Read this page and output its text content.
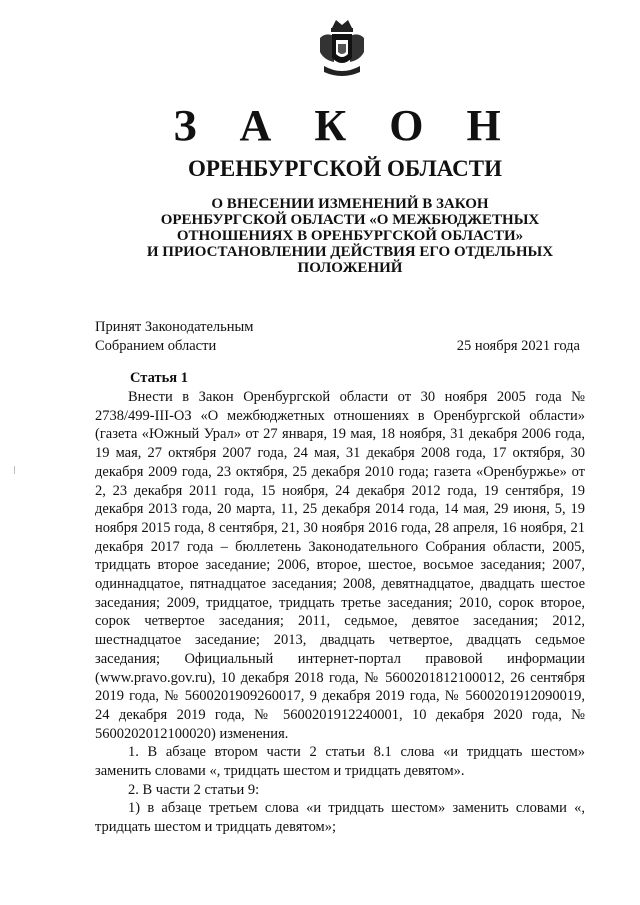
З А К О Н
ОРЕНБУРГСКОЙ ОБЛАСТИ
О ВНЕСЕНИИ ИЗМЕНЕНИЙ В ЗАКОН
ОРЕНБУРГСКОЙ ОБЛАСТИ «О МЕЖБЮДЖЕТНЫХ
ОТНОШЕНИЯХ В ОРЕНБУРГСКОЙ ОБЛАСТИ»
И ПРИОСТАНОВЛЕНИИ ДЕЙСТВИЯ ЕГО ОТДЕЛЬНЫХ
ПОЛОЖЕНИЙ
Принят Законодательным
Собранием области	25 ноября 2021 года
Статья 1

Внести в Закон Оренбургской области от 30 ноября 2005 года № 2738/499-III-ОЗ «О межбюджетных отношениях в Оренбургской области» (газета «Южный Урал» от 27 января, 19 мая, 18 ноября, 31 декабря 2006 года, 19 мая, 27 октября 2007 года, 24 мая, 31 декабря 2008 года, 17 октября, 30 декабря 2009 года, 23 октября, 25 декабря 2010 года; газета «Оренбуржье» от 2, 23 декабря 2011 года, 15 ноября, 24 декабря 2012 года, 19 сентября, 19 декабря 2013 года, 20 марта, 11, 25 декабря 2014 года, 14 мая, 29 июня, 5, 19 ноября 2015 года, 8 сентября, 21, 30 ноября 2016 года, 28 апреля, 16 ноября, 21 декабря 2017 года – бюллетень Законодательного Собрания области, 2005, тридцать второе заседание; 2006, второе, шестое, восьмое заседания; 2007, одиннадцатое, пятнадцатое заседания; 2008, девятнадцатое, двадцать шестое заседания; 2009, тридцатое, тридцать третье заседания; 2010, сорок второе, сорок четвертое заседания; 2011, седьмое, девятое заседания; 2012, шестнадцатое заседание; 2013, двадцать четвертое, двадцать седьмое заседания; Официальный интернет-портал правовой информации (www.pravo.gov.ru), 10 декабря 2018 года, № 5600201812100012, 26 сентября 2019 года, № 5600201909260017, 9 декабря 2019 года, № 5600201912090019, 24 декабря 2019 года, № 5600201912240001, 10 декабря 2020 года, № 5600202012100020) изменения.

1. В абзаце втором части 2 статьи 8.1 слова «и тридцать шестом» заменить словами «, тридцать шестом и тридцать девятом».

2. В части 2 статьи 9:

1) в абзаце третьем слова «и тридцать шестом» заменить словами «, тридцать шестом и тридцать девятом»;
